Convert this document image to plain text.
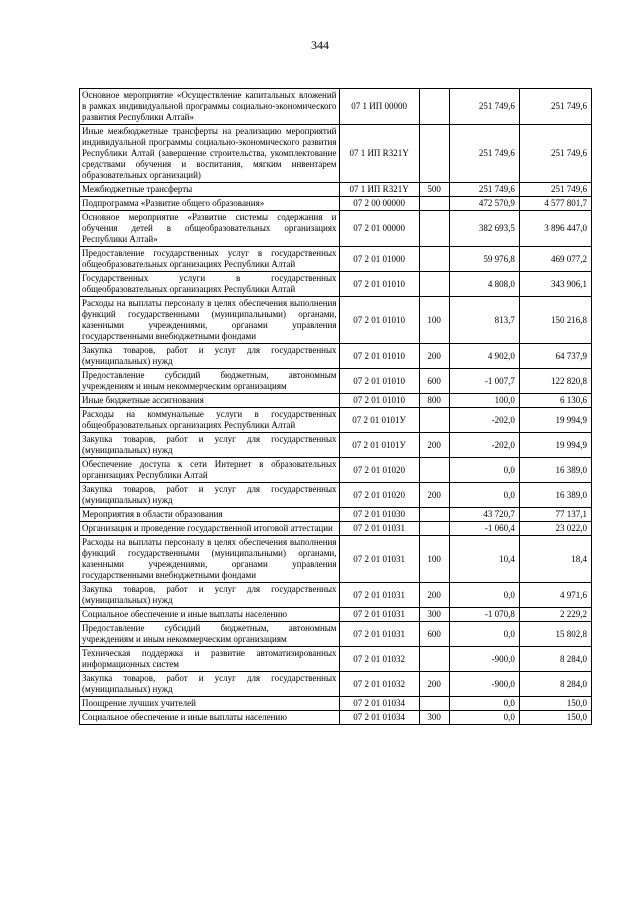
344
Основное мероприятие «Осуществление капитальных вложений в рамках индивидуальной программы социально-экономического развития Республики Алтай»	07 1 ИП 00000		251 749,6	251 749,6
Иные межбюджетные трансферты на реализацию мероприятий индивидуальной программы социально-экономического развития Республики Алтай (завершение строительства, укомплектование средствами обучения и воспитания, мягким инвентарем образовательных организаций)	07 1 ИП R321Y		251 749,6	251 749,6
Межбюджетные трансферты	07 1 ИП R321Y	500	251 749,6	251 749,6
Подпрограмма «Развитие общего образования»	07 2 00 00000		472 570,9	4 577 801,7
Основное мероприятие «Развитие системы содержания и обучения детей в общеобразовательных организациях Республики Алтай»	07 2 01 00000		382 693,5	3 896 447,0
Предоставление государственных услуг в государственных общеобразовательных организациях Республики Алтай	07 2 01 01000		59 976,8	469 077,2
Государственных услуги в государственных общеобразовательных организациях Республики Алтай	07 2 01 01010		4 808,0	343 906,1
Расходы на выплаты персоналу в целях обеспечения выполнения функций государственными (муниципальными) органами, казенными учреждениями, органами управления государственными внебюджетными фондами	07 2 01 01010	100	813,7	150 216,8
Закупка товаров, работ и услуг для государственных (муниципальных) нужд	07 2 01 01010	200	4 902,0	64 737,9
Предоставление субсидий бюджетным, автономным учреждениям и иным некоммерческим организациям	07 2 01 01010	600	-1 007,7	122 820,8
Иные бюджетные ассигнования	07 2 01 01010	800	100,0	6 130,6
Расходы на коммунальные услуги в государственных общеобразовательных организациях Республики Алтай	07 2 01 0101У		-202,0	19 994,9
Закупка товаров, работ и услуг для государственных (муниципальных) нужд	07 2 01 0101У	200	-202,0	19 994,9
Обеспечение доступа к сети Интернет в образовательных организациях Республики Алтай	07 2 01 01020		0,0	16 389,0
Закупка товаров, работ и услуг для государственных (муниципальных) нужд	07 2 01 01020	200	0,0	16 389,0
Мероприятия в области образования	07 2 01 01030		43 720,7	77 137,1
Организация и проведение государственной итоговой аттестации	07 2 01 01031		-1 060,4	23 022,0
Расходы на выплаты персоналу в целях обеспечения выполнения функций государственными (муниципальными) органами, казенными учреждениями, органами управления государственными внебюджетными фондами	07 2 01 01031	100	10,4	18,4
Закупка товаров, работ и услуг для государственных (муниципальных) нужд	07 2 01 01031	200	0,0	4 971,6
Социальное обеспечение и иные выплаты населению	07 2 01 01031	300	-1 070,8	2 229,2
Предоставление субсидий бюджетным, автономным учреждениям и иным некоммерческим организациям	07 2 01 01031	600	0,0	15 802,8
Техническая поддержка и развитие автоматизированных информационных систем	07 2 01 01032		-900,0	8 284,0
Закупка товаров, работ и услуг для государственных (муниципальных) нужд	07 2 01 01032	200	-900,0	8 284,0
Поощрение лучших учителей	07 2 01 01034		0,0	150,0
Социальное обеспечение и иные выплаты населению	07 2 01 01034	300	0,0	150,0
